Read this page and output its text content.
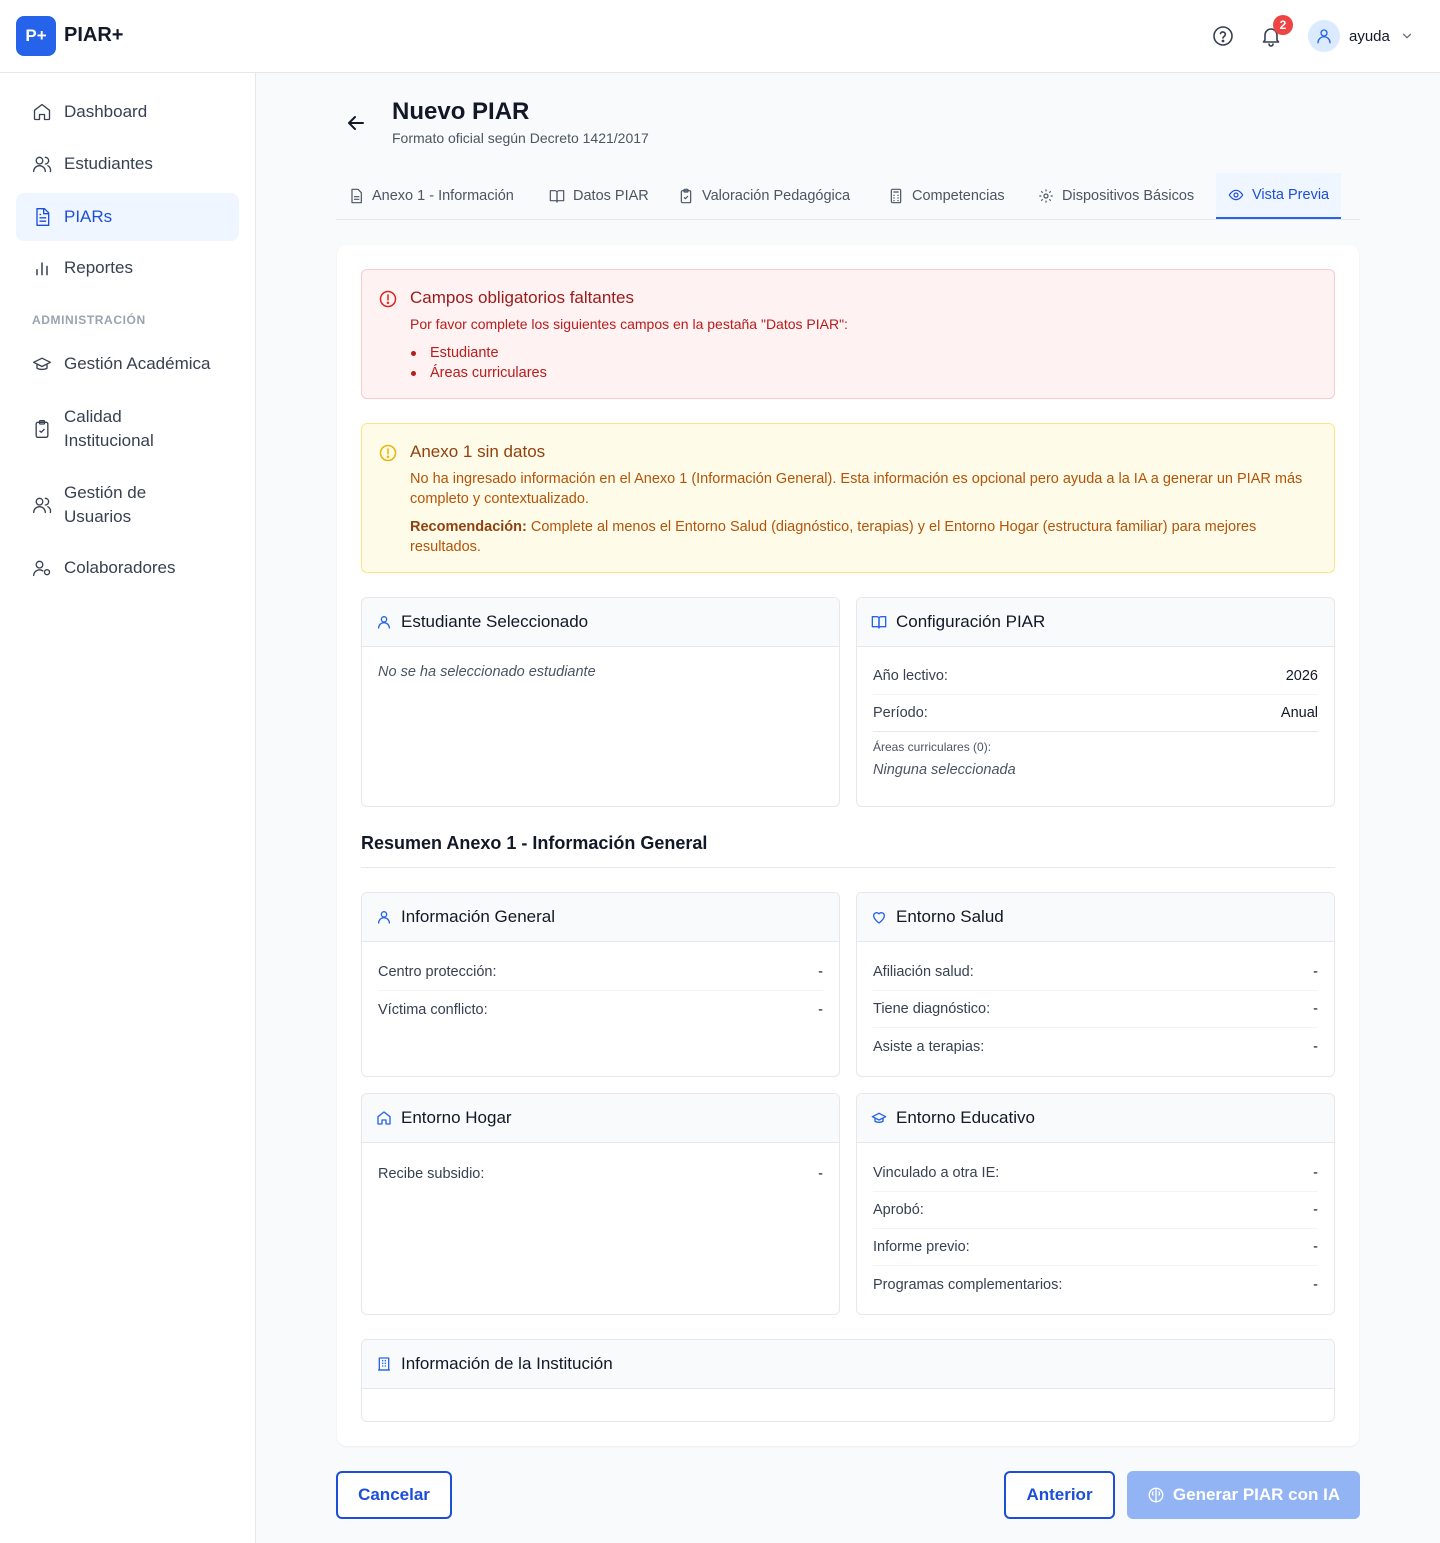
P+ PIAR+	2
ayuda
Dashboard
Estudiantes
PIARs
Reportes
ADMINISTRACIÓN
Gestión Académica
Calidad Institucional
Gestión de Usuarios
Colaboradores
Nuevo PIAR
Formato oficial según Decreto 1421/2017
Anexo 1 - Información	Datos PIAR	Valoración Pedagógica	Competencias	Dispositivos Básicos	Vista Previa
Campos obligatorios faltantes
Por favor complete los siguientes campos en la pestaña "Datos PIAR":
Estudiante
Áreas curriculares
Anexo 1 sin datos
No ha ingresado información en el Anexo 1 (Información General). Esta información es opcional pero ayuda a la IA a generar un PIAR más completo y contextualizado.
Recomendación: Complete al menos el Entorno Salud (diagnóstico, terapias) y el Entorno Hogar (estructura familiar) para mejores resultados.
Estudiante Seleccionado
No se ha seleccionado estudiante
Configuración PIAR
Año lectivo:	2026
Período:	Anual
Áreas curriculares (0):
Ninguna seleccionada
Resumen Anexo 1 - Información General
Información General
Centro protección:	-
Víctima conflicto:	-
Entorno Salud
Afiliación salud:	-
Tiene diagnóstico:	-
Asiste a terapias:	-
Entorno Hogar
Recibe subsidio:	-
Entorno Educativo
Vinculado a otra IE:	-
Aprobó:	-
Informe previo:	-
Programas complementarios:	-
Información de la Institución
Cancelar	Anterior	Generar PIAR con IA
